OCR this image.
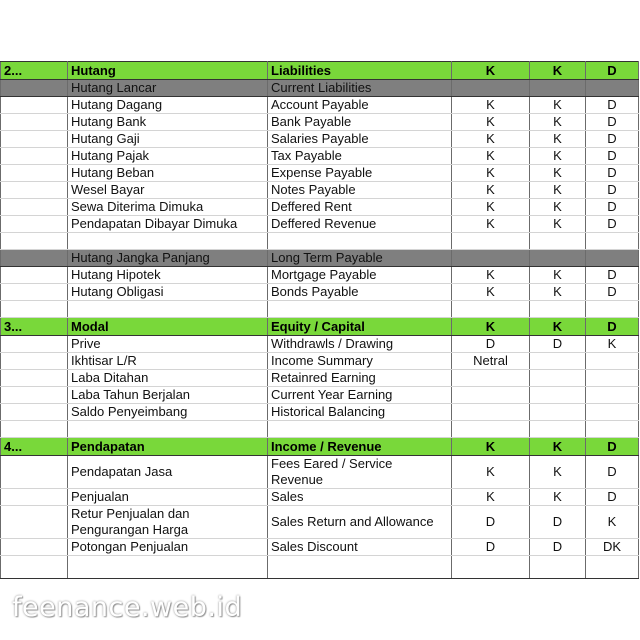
2...	Hutang	Liabilities	K	K	D
	Hutang Lancar	Current Liabilities			
	Hutang Dagang	Account Payable	K	K	D
	Hutang Bank	Bank Payable	K	K	D
	Hutang Gaji	Salaries Payable	K	K	D
	Hutang Pajak	Tax Payable	K	K	D
	Hutang Beban	Expense Payable	K	K	D
	Wesel Bayar	Notes Payable	K	K	D
	Sewa Diterima Dimuka	Deffered Rent	K	K	D
	Pendapatan Dibayar Dimuka	Deffered Revenue	K	K	D

	Hutang Jangka Panjang	Long Term Payable			
	Hutang Hipotek	Mortgage Payable	K	K	D
	Hutang Obligasi	Bonds Payable	K	K	D

3...	Modal	Equity / Capital	K	K	D
	Prive	Withdrawls / Drawing	D	D	K
	Ikhtisar L/R	Income Summary	Netral		
	Laba Ditahan	Retainred Earning			
	Laba Tahun Berjalan	Current Year Earning			
	Saldo Penyeimbang	Historical Balancing			

4...	Pendapatan	Income / Revenue	K	K	D
	Pendapatan Jasa	Fees Eared / Service Revenue	K	K	D
	Penjualan	Sales	K	K	D
	Retur Penjualan dan Pengurangan Harga	Sales Return and Allowance	D	D	K
	Potongan Penjualan	Sales Discount	D	D	DK

feenance.web.id
